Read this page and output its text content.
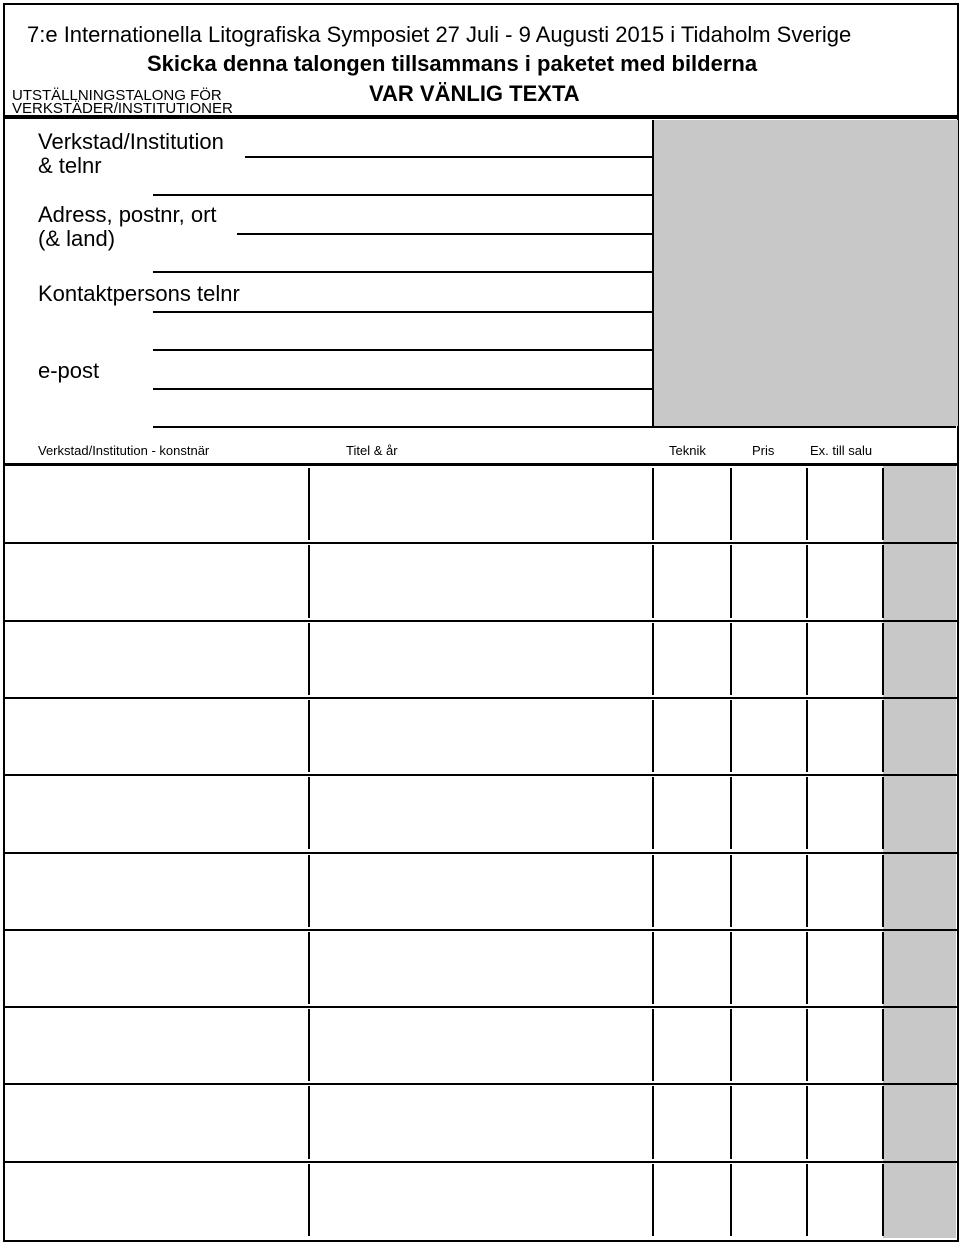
7:e Internationella Litografiska Symposiet 27 Juli - 9 Augusti 2015 i Tidaholm Sverige
Skicka denna talongen tillsammans i paketet med bilderna
UTSTÄLLNINGSTALONG FÖR
VERKSTÄDER/INSTITUTIONER
VAR VÄNLIG TEXTA
Verkstad/Institution
& telnr
Adress, postnr, ort
(& land)
Kontaktpersons telnr
e-post
Verkstad/Institution - konstnär	Titel & år	Teknik	Pris	Ex. till salu
